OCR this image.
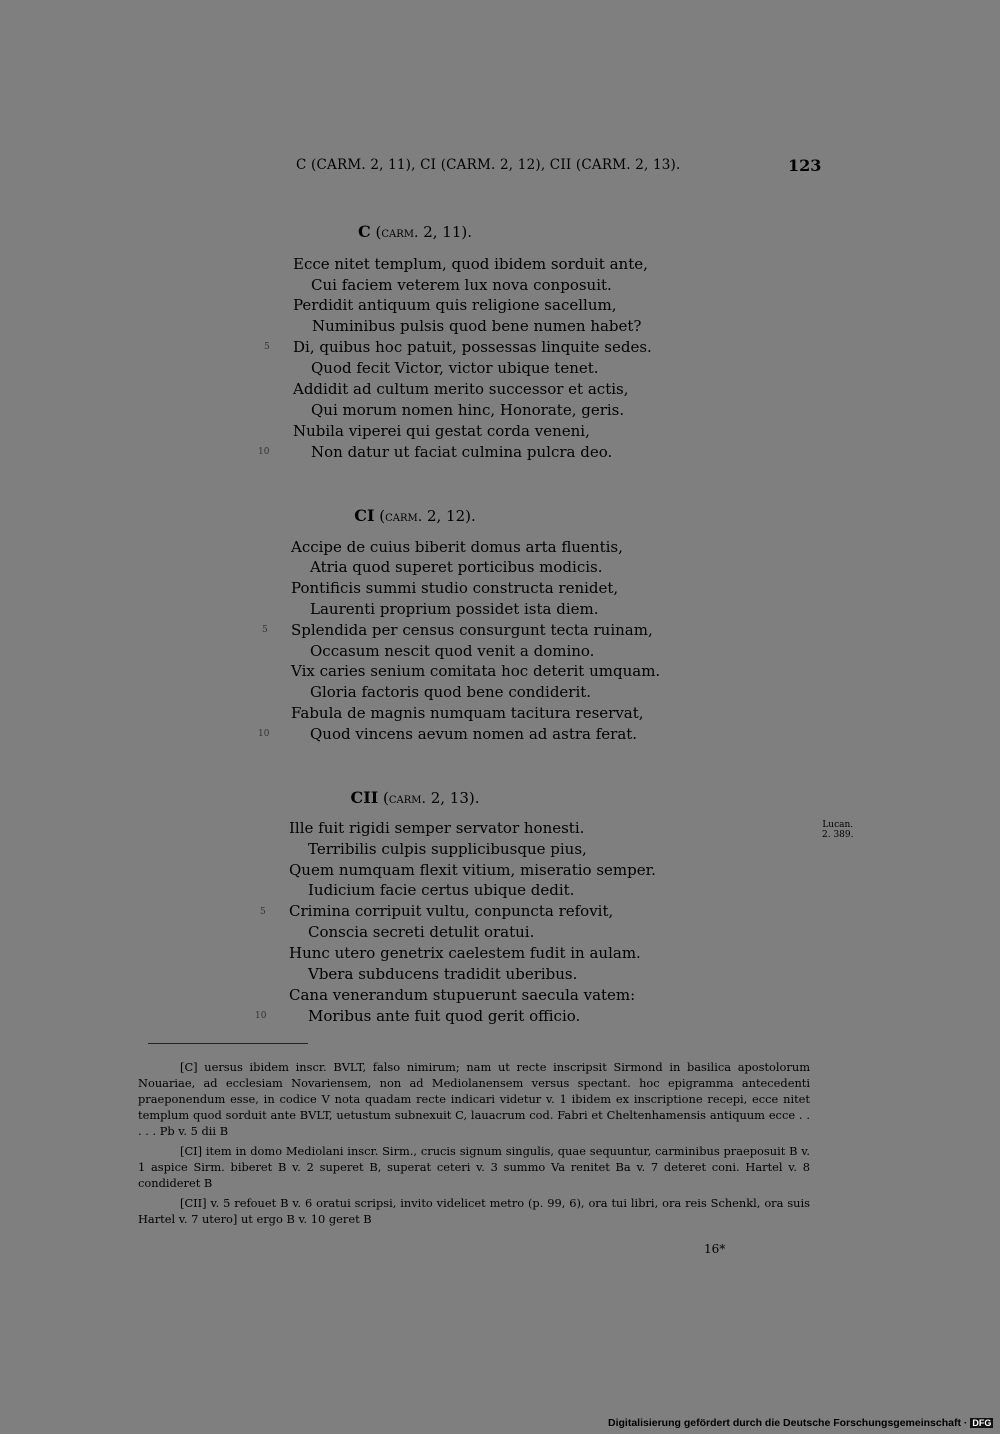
C (CARM. 2, 11), CI (CARM. 2, 12), CII (CARM. 2, 13).	123
C (carm. 2, 11).
Ecce nitet templum, quod ibidem sorduit ante,
Cui faciem veterem lux nova conposuit.
Perdidit antiquum quis religione sacellum,
Numinibus pulsis quod bene numen habet?
5 Di, quibus hoc patuit, possessas linquite sedes.
Quod fecit Victor, victor ubique tenet.
Addidit ad cultum merito successor et actis,
Qui morum nomen hinc, Honorate, geris.
Nubila viperei qui gestat corda veneni,
10	Non datur ut faciat culmina pulcra deo.
CI (carm. 2, 12).
Accipe de cuius biberit domus arta fluentis,
Atria quod superet porticibus modicis.
Pontificis summi studio constructa renidet,
Laurenti proprium possidet ista diem.
5 Splendida per census consurgunt tecta ruinam,
Occasum nescit quod venit a domino.
Vix caries senium comitata hoc deterit umquam.
Gloria factoris quod bene condiderit.
Fabula de magnis numquam tacitura reservat,
10	Quod vincens aevum nomen ad astra ferat.
CII (carm. 2, 13).
Lucan.
2. 389.
Ille fuit rigidi semper servator honesti.
Terribilis culpis supplicibusque pius,
Quem numquam flexit vitium, miseratio semper.
Iudicium facie certus ubique dedit.
5 Crimina corripuit vultu, conpuncta refovit,
Conscia secreti detulit oratui.
Hunc utero genetrix caelestem fudit in aulam.
Vbera subducens tradidit uberibus.
Cana venerandum stupuerunt saecula vatem:
10	Moribus ante fuit quod gerit officio.

[C] uersus ibidem inscr. BVLT, falso nimirum; nam ut recte inscripsit Sirmond in basilica apostolorum Nouariae, ad ecclesiam Novariensem, non ad Mediolanensem versus spectant. hoc epigramma antecedenti praeponendum esse, in codice V nota quadam recte indicari videtur v. 1 ibidem ex inscriptione recepi, ecce nitet templum quod sorduit ante BVLT, uetustum subnexuit C, lauacrum cod. Fabri et Cheltenhamensis antiquum ecce . . . . . Pb v. 5 dii B

[CI] item in domo Mediolani inscr. Sirm., crucis signum singulis, quae sequuntur, carminibus praeposuit B v. 1 aspice Sirm. biberet B v. 2 superet B, superat ceteri v. 3 summo Va renitet Ba v. 7 deteret coni. Hartel v. 8 condideret B

[CII] v. 5 refouet B v. 6 oratui scripsi, invito videlicet metro (p. 99, 6), ora tui libri, ora reis Schenkl, ora suis Hartel v. 7 utero] ut ergo B v. 10 geret B

16*
Digitalisierung gefördert durch die Deutsche Forschungsgemeinschaft · DFG
